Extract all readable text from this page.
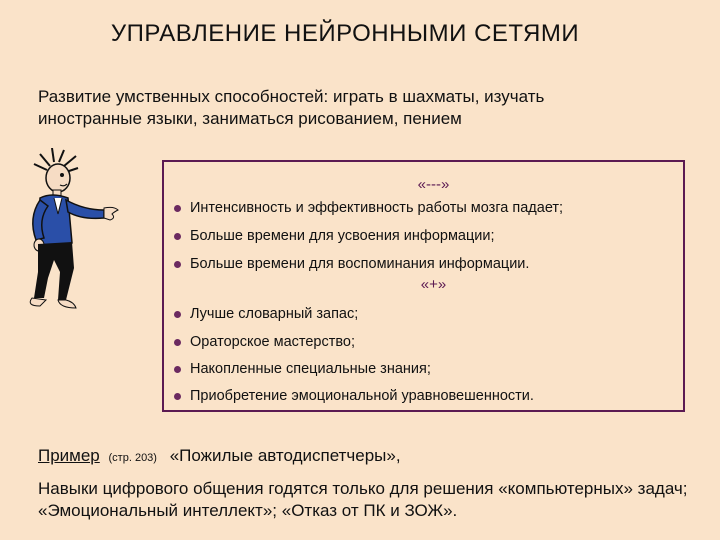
УПРАВЛЕНИЕ НЕЙРОННЫМИ СЕТЯМИ
Развитие умственных способностей: играть в шахматы, изучать иностранные языки, заниматься рисованием, пением
«---»
Интенсивность и эффективность работы мозга падает;
Больше времени для усвоения информации;
Больше времени для воспоминания информации.
«+»
Лучше словарный запас;
Ораторское мастерство;
Накопленные специальные знания;
Приобретение эмоциональной уравновешенности.
Пример (стр. 203) «Пожилые автодиспетчеры»,
Навыки цифрового общения годятся только для решения «компьютерных» задач; «Эмоциональный интеллект»; «Отказ от ПК и ЗОЖ».
